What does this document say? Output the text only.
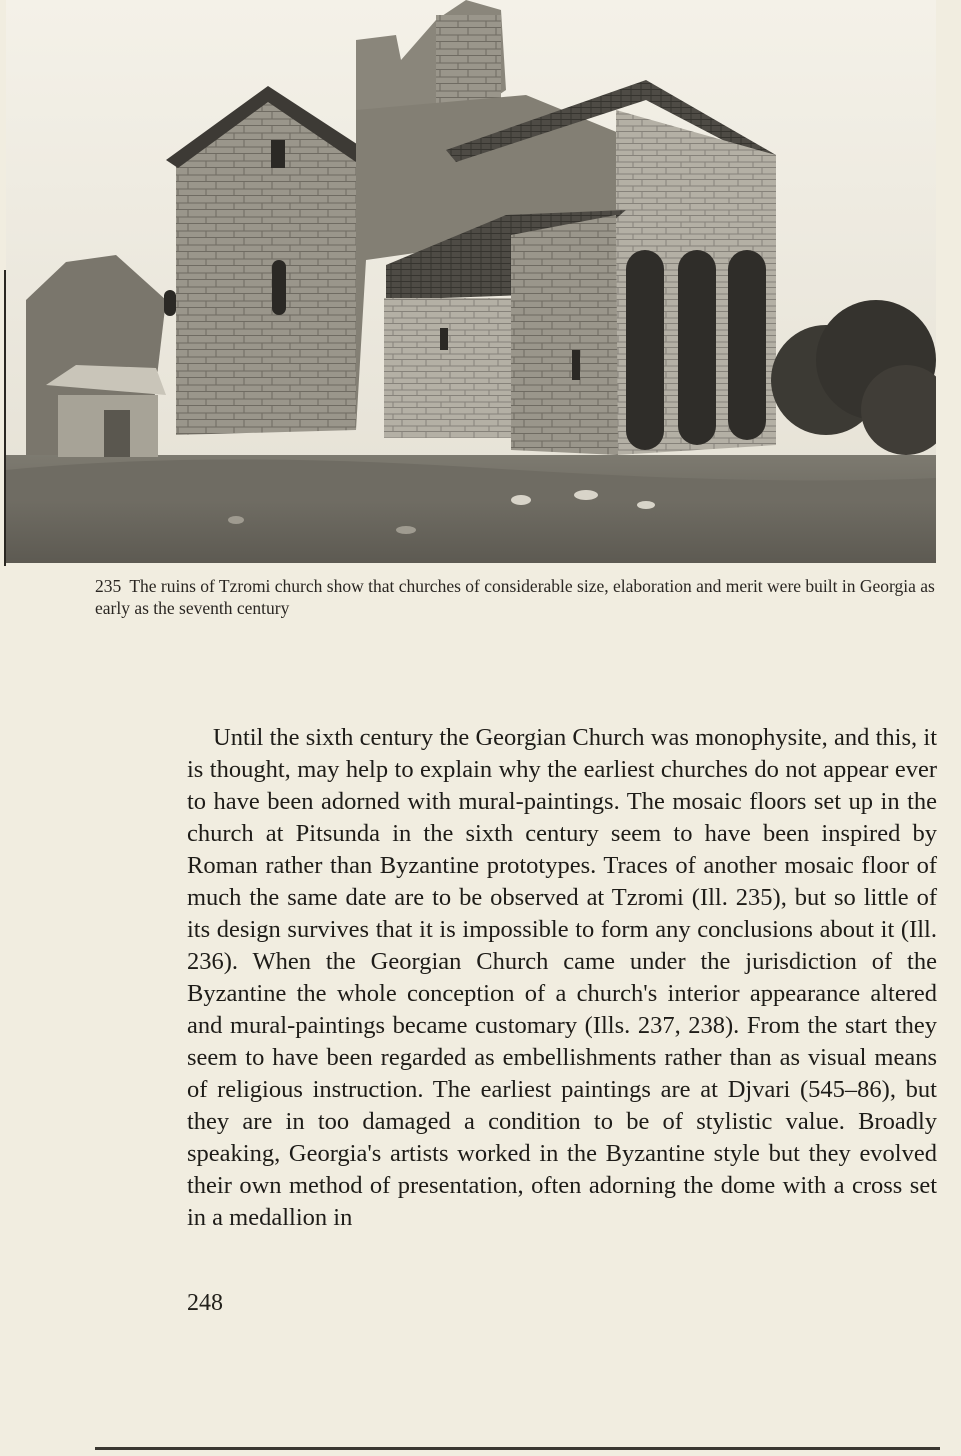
235 The ruins of Tzromi church show that churches of considerable size, elaboration and merit were built in Georgia as early as the seventh century

Until the sixth century the Georgian Church was monophysite, and this, it is thought, may help to explain why the earliest churches do not appear ever to have been adorned with mural-paintings. The mosaic floors set up in the church at Pitsunda in the sixth century seem to have been inspired by Roman rather than Byzantine prototypes. Traces of another mosaic floor of much the same date are to be observed at Tzromi (Ill. 235), but so little of its design survives that it is impossible to form any conclusions about it (Ill. 236). When the Georgian Church came under the jurisdiction of the Byzantine the whole conception of a church's interior appearance altered and mural-paintings became customary (Ills. 237, 238). From the start they seem to have been regarded as embellishments rather than as visual means of religious instruction. The earliest paintings are at Djvari (545–86), but they are in too damaged a condition to be of stylistic value. Broadly speaking, Georgia's artists worked in the Byzantine style but they evolved their own method of presentation, often adorning the dome with a cross set in a medallion in

248
